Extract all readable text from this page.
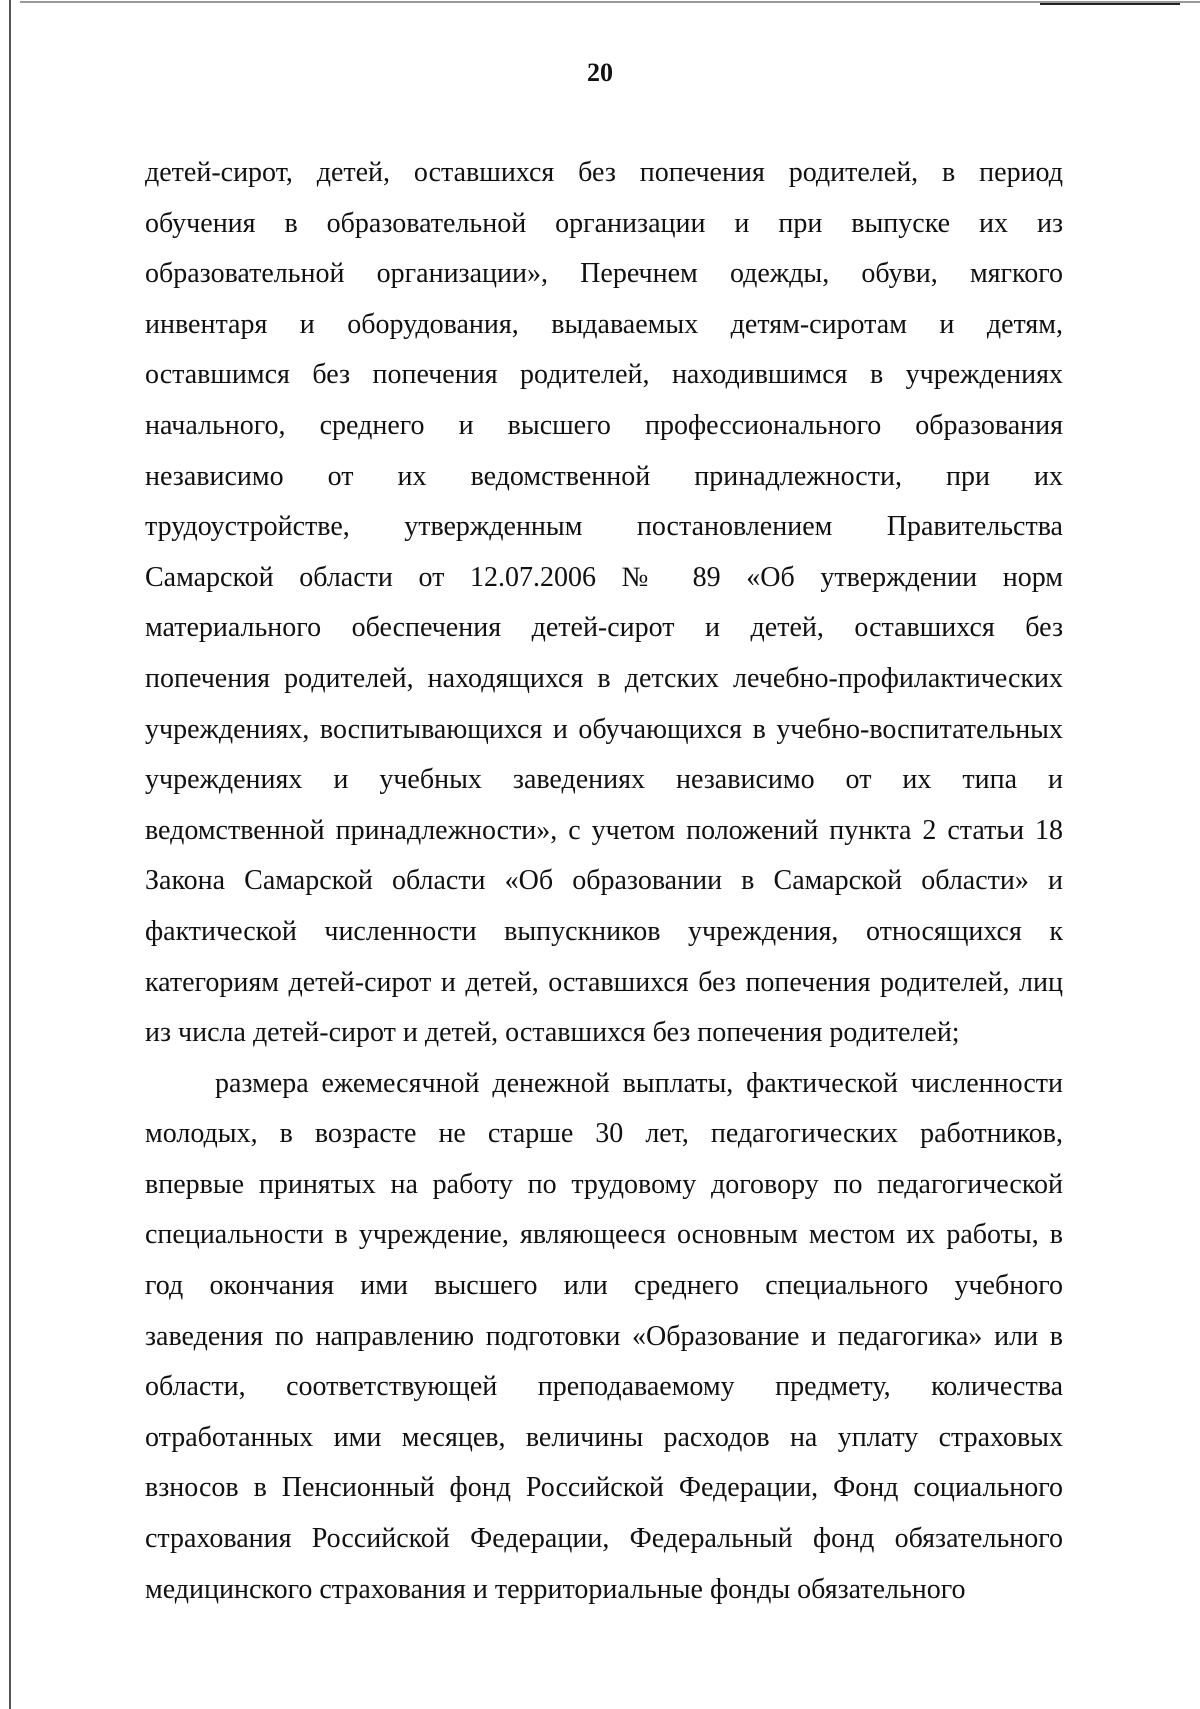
20
детей-сирот, детей, оставшихся без попечения родителей, в период
обучения в образовательной организации и при выпуске их из
образовательной организации», Перечнем одежды, обуви, мягкого
инвентаря и оборудования, выдаваемых детям-сиротам и детям,
оставшимся без попечения родителей, находившимся в учреждениях
начального, среднего и высшего профессионального образования
независимо от их ведомственной принадлежности, при их
трудоустройстве, утвержденным постановлением Правительства
Самарской области от 12.07.2006 № 89 «Об утверждении норм
материального обеспечения детей-сирот и детей, оставшихся без
попечения родителей, находящихся в детских лечебно-профилактических
учреждениях, воспитывающихся и обучающихся в учебно-воспитательных
учреждениях и учебных заведениях независимо от их типа и
ведомственной принадлежности», с учетом положений пункта 2 статьи 18
Закона Самарской области «Об образовании в Самарской области» и
фактической численности выпускников учреждения, относящихся к
категориям детей-сирот и детей, оставшихся без попечения родителей, лиц
из числа детей-сирот и детей, оставшихся без попечения родителей;
размера ежемесячной денежной выплаты, фактической численности
молодых, в возрасте не старше 30 лет, педагогических работников,
впервые принятых на работу по трудовому договору по педагогической
специальности в учреждение, являющееся основным местом их работы, в
год окончания ими высшего или среднего специального учебного
заведения по направлению подготовки «Образование и педагогика» или в
области, соответствующей преподаваемому предмету, количества
отработанных ими месяцев, величины расходов на уплату страховых
взносов в Пенсионный фонд Российской Федерации, Фонд социального
страхования Российской Федерации, Федеральный фонд обязательного
медицинского страхования и территориальные фонды обязательного
